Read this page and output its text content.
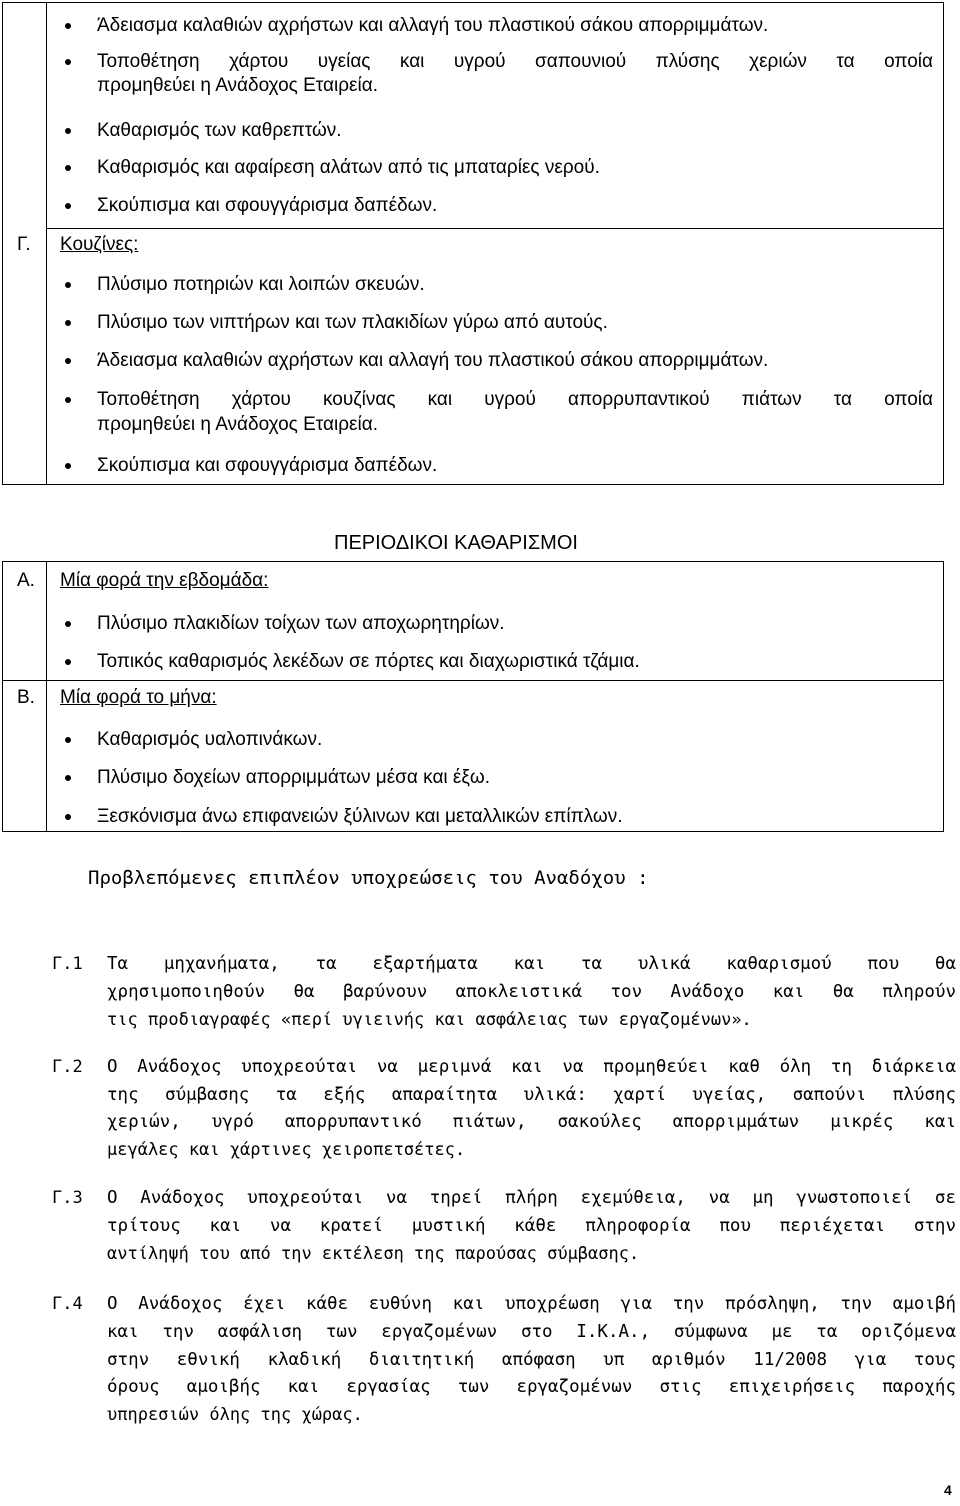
Άδειασμα καλαθιών αχρήστων και αλλαγή του πλαστικού σάκου απορριμμάτων.
Τοποθέτηση χάρτου υγείας και υγρού σαπουνιού πλύσης χεριών τα οποία
προμηθεύει η Ανάδοχος Εταιρεία.
Καθαρισμός των καθρεπτών.
Καθαρισμός και αφαίρεση αλάτων από τις μπαταρίες νερού.
Σκούπισμα και σφουγγάρισμα δαπέδων.
Γ. Κουζίνες:
Πλύσιμο ποτηριών και λοιπών σκευών.
Πλύσιμο των νιπτήρων και των πλακιδίων γύρω από αυτούς.
Άδειασμα καλαθιών αχρήστων και αλλαγή του πλαστικού σάκου απορριμμάτων.
Τοποθέτηση χάρτου κουζίνας και υγρού απορρυπαντικού πιάτων τα οποία
προμηθεύει η Ανάδοχος Εταιρεία.
Σκούπισμα και σφουγγάρισμα δαπέδων.
ΠΕΡΙΟΔΙΚΟΙ ΚΑΘΑΡΙΣΜΟΙ
Α. Μία φορά την εβδομάδα:
Πλύσιμο πλακιδίων τοίχων των αποχωρητηρίων.
Τοπικός καθαρισμός λεκέδων σε πόρτες και διαχωριστικά τζάμια.
Β. Μία φορά το μήνα:
Καθαρισμός υαλοπινάκων.
Πλύσιμο δοχείων απορριμμάτων μέσα και έξω.
Ξεσκόνισμα άνω επιφανειών ξύλινων και μεταλλικών επίπλων.
Προβλεπόμενες επιπλέον υποχρεώσεις του Αναδόχου :
Γ.1 Τα μηχανήματα, τα εξαρτήματα και τα υλικά καθαρισμού που θα
χρησιμοποιηθούν θα βαρύνουν αποκλειστικά τον Ανάδοχο και θα πληρούν
τις προδιαγραφές «περί υγιεινής και ασφάλειας των εργαζομένων».
Γ.2 Ο Ανάδοχος υποχρεούται να μεριμνά και να προμηθεύει καθ όλη τη διάρκεια
της σύμβασης τα εξής απαραίτητα υλικά: χαρτί υγείας, σαπούνι πλύσης
χεριών, υγρό απορρυπαντικό πιάτων, σακούλες απορριμμάτων μικρές και
μεγάλες και χάρτινες χειροπετσέτες.
Γ.3 Ο Ανάδοχος υποχρεούται να τηρεί πλήρη εχεμύθεια, να μη γνωστοποιεί σε
τρίτους και να κρατεί μυστική κάθε πληροφορία που περιέχεται στην
αντίληψή του από την εκτέλεση της παρούσας σύμβασης.
Γ.4 Ο Ανάδοχος έχει κάθε ευθύνη και υποχρέωση για την πρόσληψη, την αμοιβή
και την ασφάλιση των εργαζομένων στο Ι.Κ.Α., σύμφωνα με τα οριζόμενα
στην εθνική κλαδική διαιτητική απόφαση υπ αριθμόν 11/2008 για τους
όρους αμοιβής και εργασίας των εργαζομένων στις επιχειρήσεις παροχής
υπηρεσιών όλης της χώρας.
4
